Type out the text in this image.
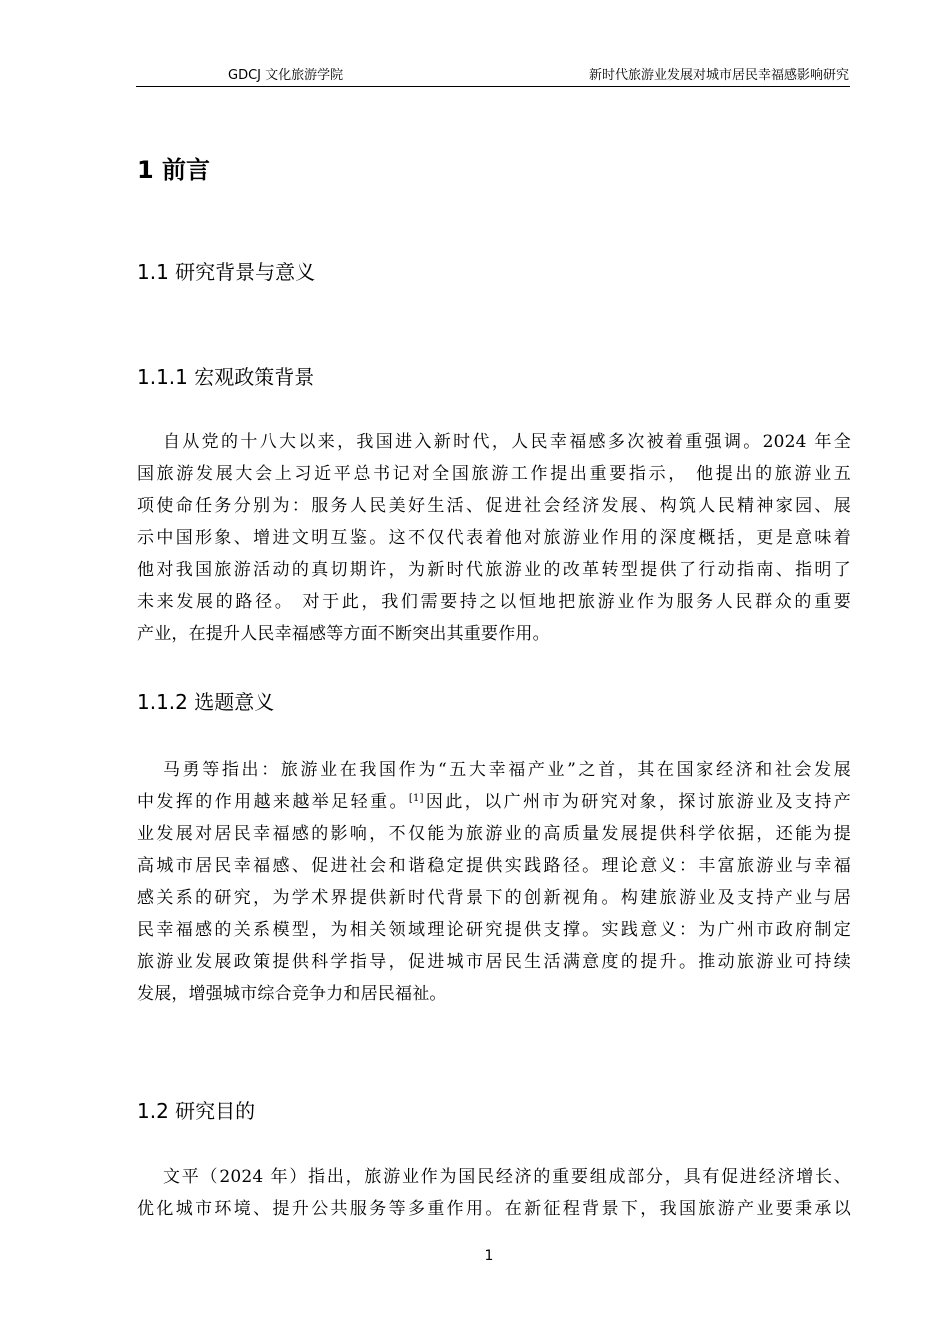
GDCJ 文化旅游学院	新时代旅游业发展对城市居民幸福感影响研究
1 前言
1.1 研究背景与意义
1.1.1 宏观政策背景
自从党的十八大以来，我国进入新时代，人民幸福感多次被着重强调。2024 年全
国旅游发展大会上习近平总书记对全国旅游工作提出重要指示， 他提出的旅游业五
项使命任务分别为：服务人民美好生活、促进社会经济发展、构筑人民精神家园、展
示中国形象、增进文明互鉴。这不仅代表着他对旅游业作用的深度概括，更是意味着
他对我国旅游活动的真切期许，为新时代旅游业的改革转型提供了行动指南、指明了
未来发展的路径。 对于此，我们需要持之以恒地把旅游业作为服务人民群众的重要
产业，在提升人民幸福感等方面不断突出其重要作用。
1.1.2 选题意义
马勇等指出：旅游业在我国作为“五大幸福产业”之首，其在国家经济和社会发展
中发挥的作用越来越举足轻重。[1]因此，以广州市为研究对象，探讨旅游业及支持产
业发展对居民幸福感的影响，不仅能为旅游业的高质量发展提供科学依据，还能为提
高城市居民幸福感、促进社会和谐稳定提供实践路径。理论意义：丰富旅游业与幸福
感关系的研究，为学术界提供新时代背景下的创新视角。构建旅游业及支持产业与居
民幸福感的关系模型，为相关领域理论研究提供支撑。实践意义：为广州市政府制定
旅游业发展政策提供科学指导，促进城市居民生活满意度的提升。推动旅游业可持续
发展，增强城市综合竞争力和居民福祉。
1.2 研究目的
文平（2024 年）指出，旅游业作为国民经济的重要组成部分，具有促进经济增长、
优化城市环境、提升公共服务等多重作用。在新征程背景下，我国旅游产业要秉承以
1
